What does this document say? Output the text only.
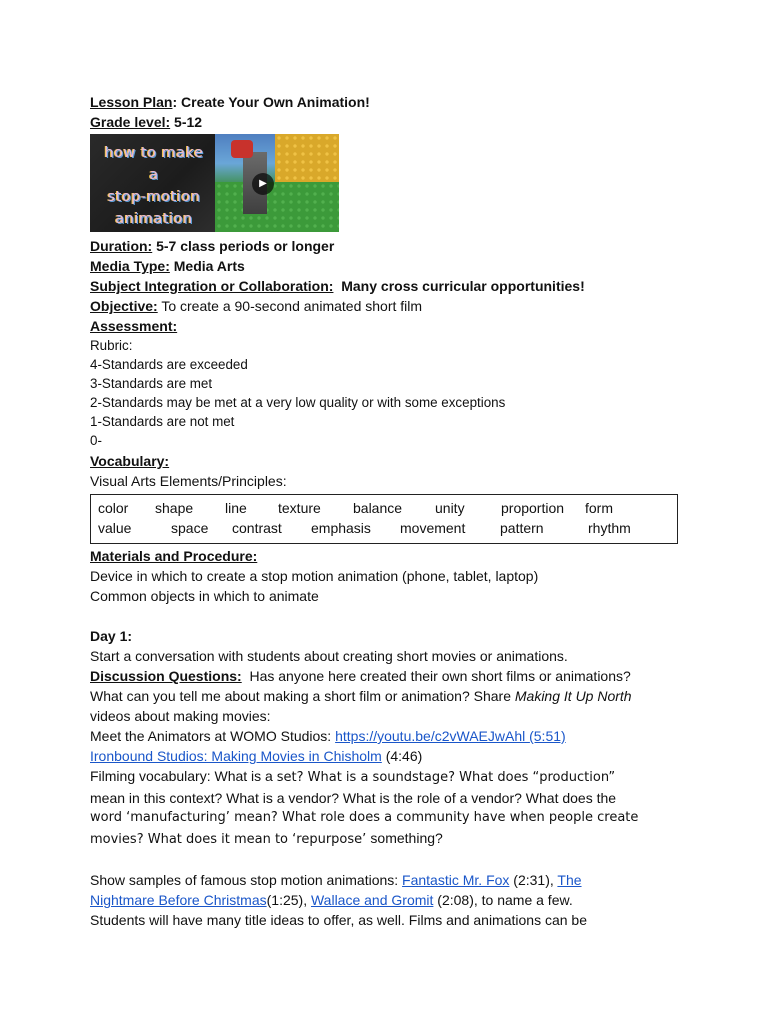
Lesson Plan: Create Your Own Animation!
Grade level: 5-12
how to make
a
stop-motion
animation
▶
Duration: 5-7 class periods or longer
Media Type: Media Arts
Subject Integration or Collaboration: Many cross curricular opportunities!
Objective: To create a 90-second animated short film
Assessment:
Rubric:
4-Standards are exceeded
3-Standards are met
2-Standards may be met at a very low quality or with some exceptions
1-Standards are not met
0-
Vocabulary:
Visual Arts Elements/Principles:
color shape line texture balance unity	proportion form
value	space contrast emphasis movement pattern	rhythm
Materials and Procedure:
Device in which to create a stop motion animation (phone, tablet, laptop)
Common objects in which to animate
Day 1:
Start a conversation with students about creating short movies or animations.
Discussion Questions: Has anyone here created their own short films or animations?
What can you tell me about making a short film or animation? Share Making It Up North
videos about making movies:
Meet the Animators at WOMO Studios: https://youtu.be/c2vWAEJwAhl (5:51)
Ironbound Studios: Making Movies in Chisholm (4:46)
Filming vocabulary: What is a set? What is a soundstage? What does “production”
mean in this context? What is a vendor? What is the role of a vendor? What does the
word ‘manufacturing’ mean? What role does a community have when people create
movies? What does it mean to ‘repurpose’ something?
Show samples of famous stop motion animations: Fantastic Mr. Fox (2:31), The
Nightmare Before Christmas(1:25), Wallace and Gromit (2:08), to name a few.
Students will have many title ideas to offer, as well. Films and animations can be
